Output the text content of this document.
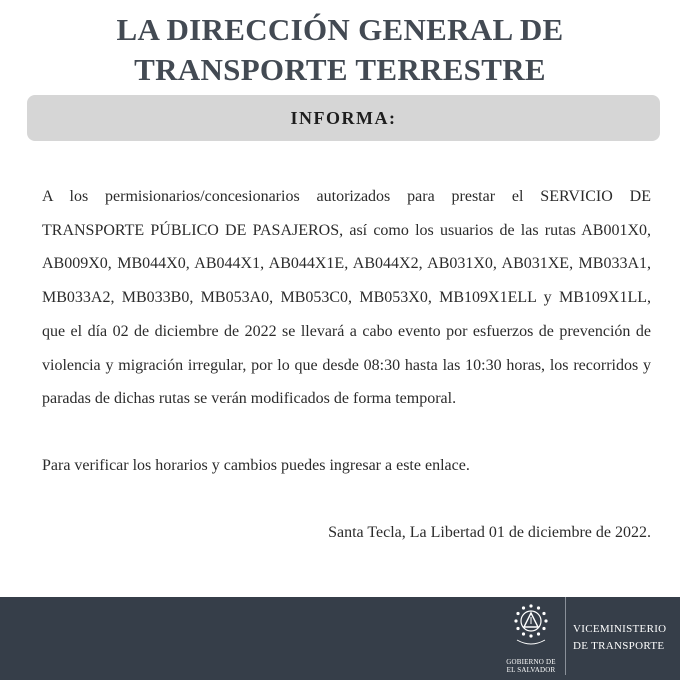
LA DIRECCIÓN GENERAL DE
TRANSPORTE TERRESTRE
INFORMA:

A los permisionarios/concesionarios autorizados para prestar el SERVICIO DE TRANSPORTE PÚBLICO DE PASAJEROS, así como los usuarios de las rutas AB001X0, AB009X0, MB044X0, AB044X1, AB044X1E, AB044X2, AB031X0, AB031XE, MB033A1, MB033A2, MB033B0, MB053A0, MB053C0, MB053X0, MB109X1ELL y MB109X1LL, que el día 02 de diciembre de 2022 se llevará a cabo evento por esfuerzos de prevención de violencia y migración irregular, por lo que desde 08:30 hasta las 10:30 horas, los recorridos y paradas de dichas rutas se verán modificados de forma temporal.

Para verificar los horarios y cambios puedes ingresar a este enlace.

Santa Tecla, La Libertad 01 de diciembre de 2022.

GOBIERNO DE
EL SALVADOR
VICEMINISTERIO
DE TRANSPORTE
